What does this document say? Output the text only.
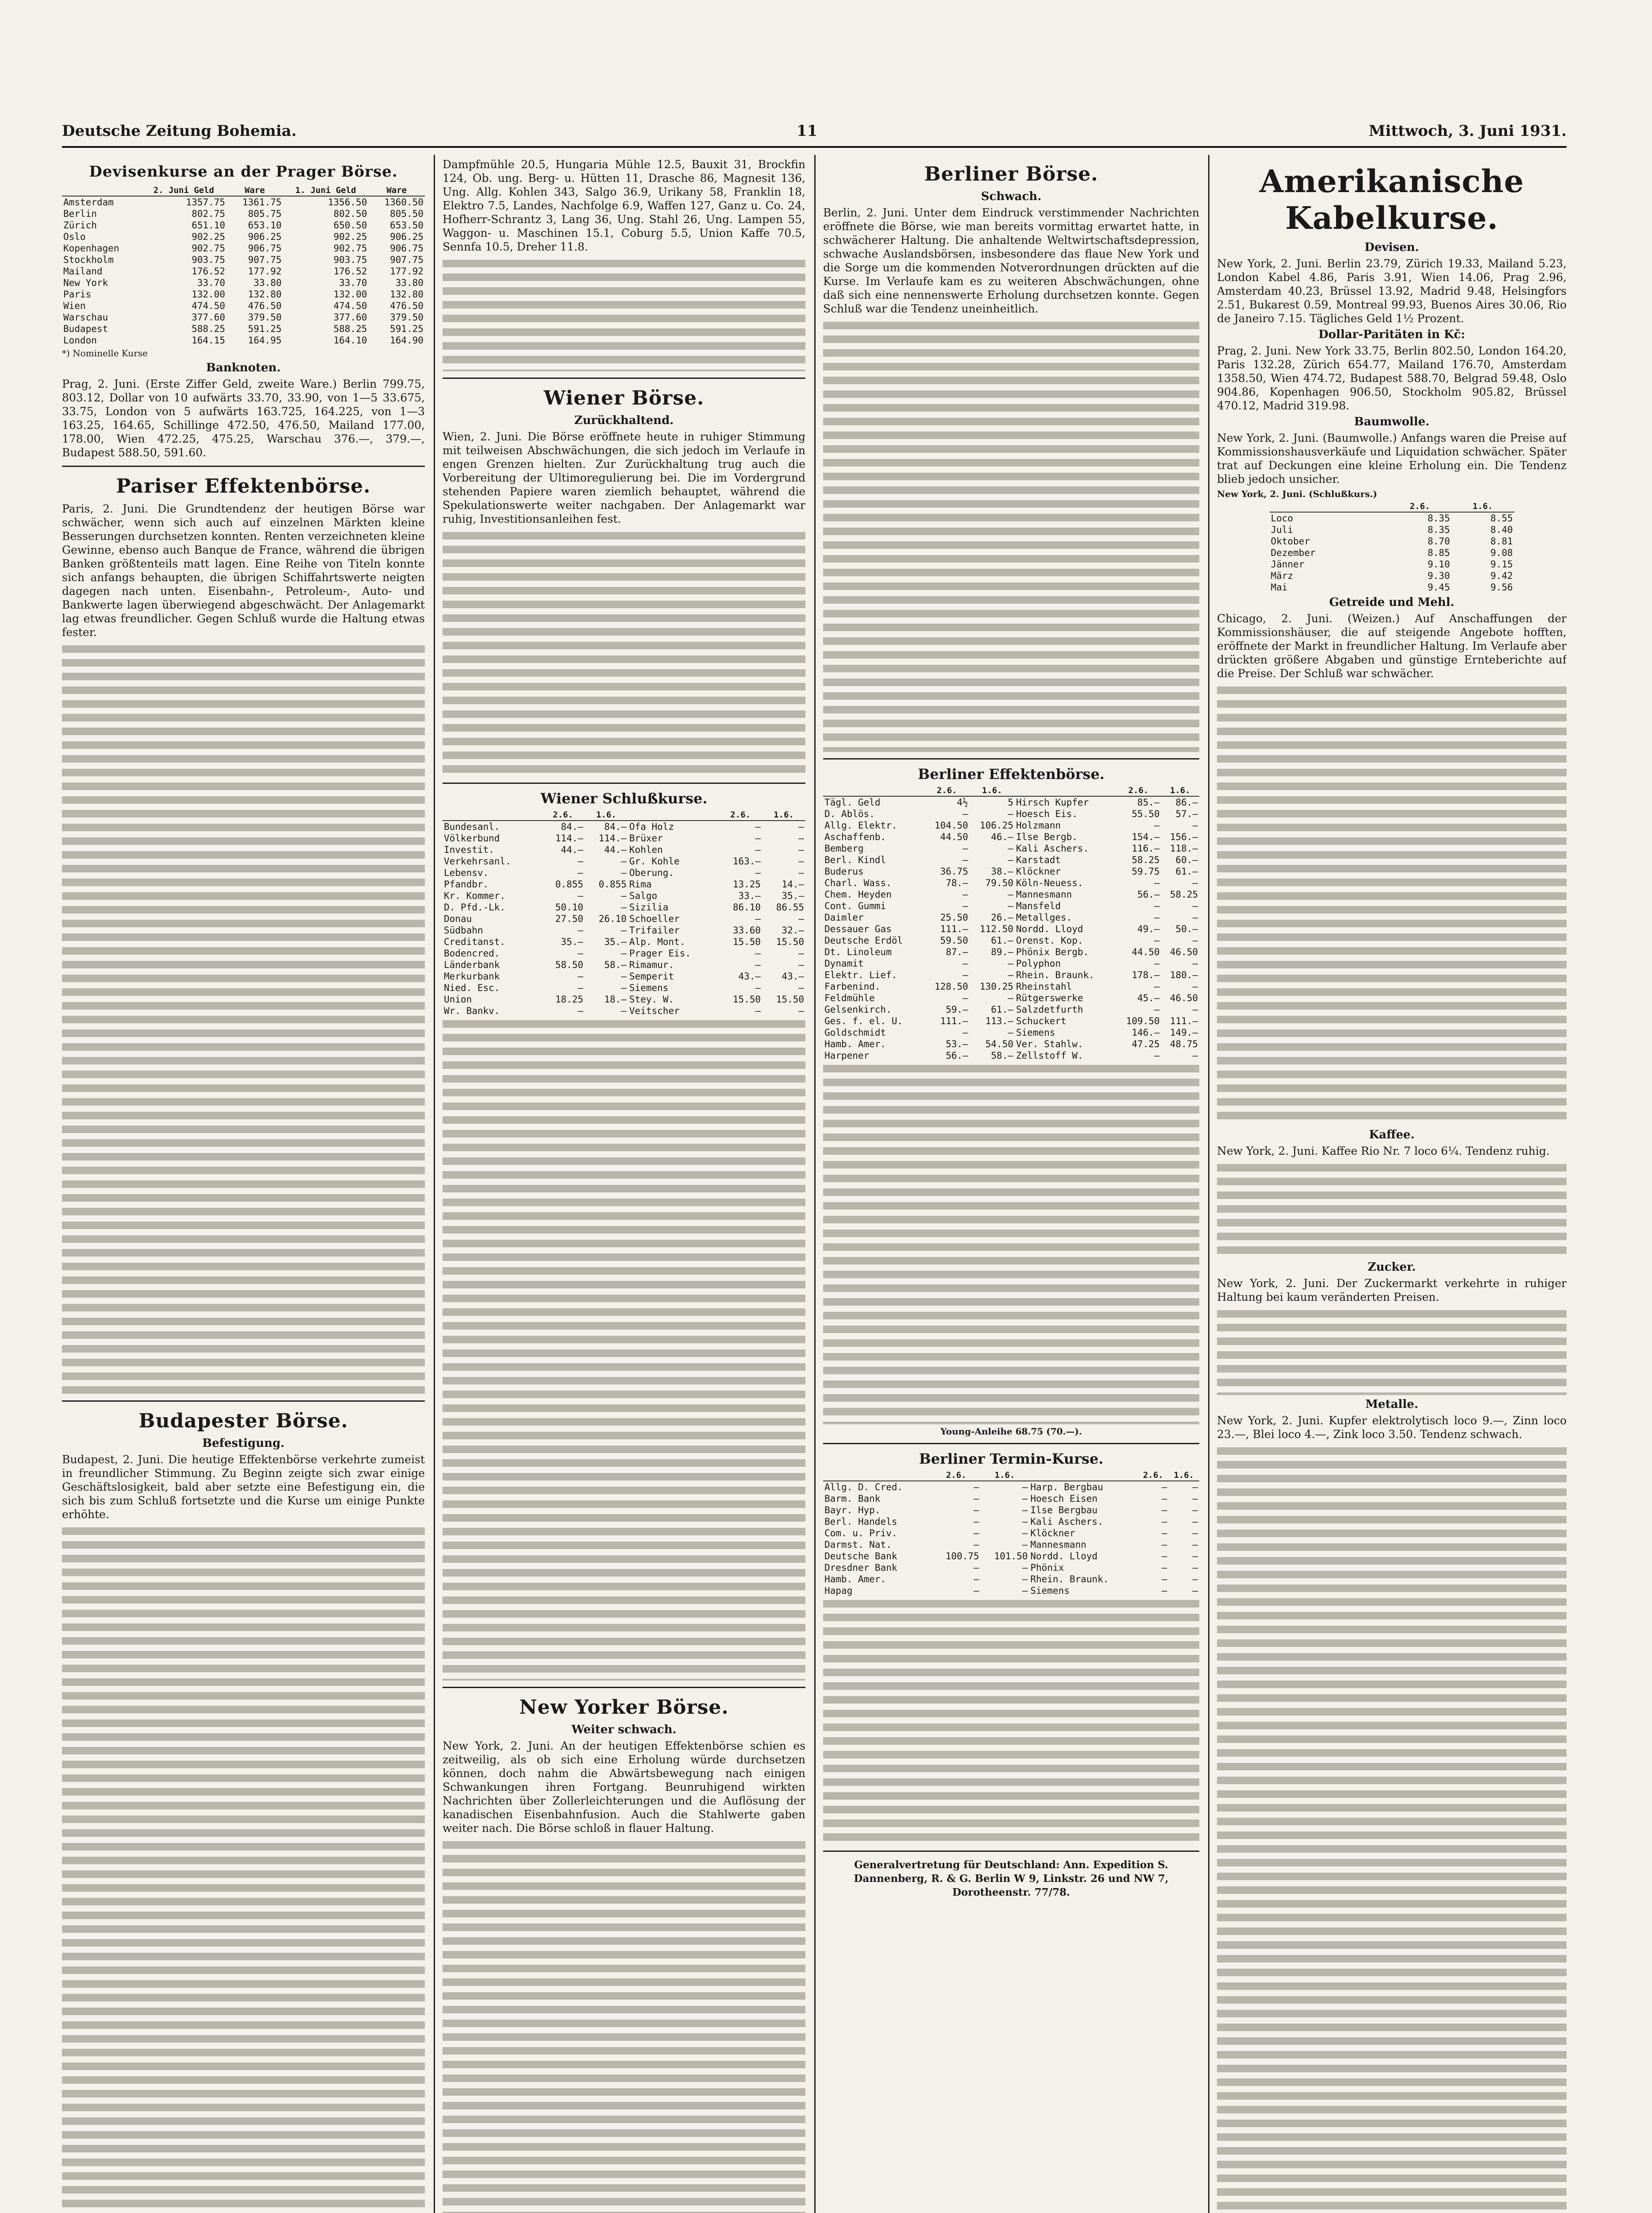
Deutsche Zeitung Bohemia.	11	Mittwoch, 3. Juni 1931.
Devisenkurse an der Prager Börse.
	2. Juni Geld	Ware	1. Juni Geld	Ware
Amsterdam	1357.75	1361.75	1356.50	1360.50
Berlin	802.75	805.75	802.50	805.50
Zürich	651.10	653.10	650.50	653.50
Oslo	902.25	906.25	902.25	906.25
Kopenhagen	902.75	906.75	902.75	906.75
Stockholm	903.75	907.75	903.75	907.75
Mailand	176.52	177.92	176.52	177.92
New York	33.70	33.80	33.70	33.80
Paris	132.00	132.80	132.00	132.80
Wien	474.50	476.50	474.50	476.50
Warschau	377.60	379.50	377.60	379.50
Budapest	588.25	591.25	588.25	591.25
London	164.15	164.95	164.10	164.90
*) Nominelle Kurse
Banknoten.

Prag, 2. Juni. (Erste Ziffer Geld, zweite Ware.) Berlin 799.75, 803.12, Dollar von 10 aufwärts 33.70, 33.90, von 1—5 33.675, 33.75, London von 5 aufwärts 163.725, 164.225, von 1—3 163.25, 164.65, Schillinge 472.50, 476.50, Mailand 177.00, 178.00, Wien 472.25, 475.25, Warschau 376.—, 379.—, Budapest 588.50, 591.60.

Pariser Effektenbörse.

Paris, 2. Juni. Die Grundtendenz der heutigen Börse war schwächer, wenn sich auch auf einzelnen Märkten kleine Besserungen durchsetzen konnten. Renten verzeichneten kleine Gewinne, ebenso auch Banque de France, während die übrigen Banken größtenteils matt lagen. Eine Reihe von Titeln konnte sich anfangs behaupten, die übrigen Schiffahrtswerte neigten dagegen nach unten. Eisenbahn-, Petroleum-, Auto- und Bankwerte lagen überwiegend abgeschwächt. Der Anlagemarkt lag etwas freundlicher. Gegen Schluß wurde die Haltung etwas fester.

Budapester Börse.
Befestigung.

Budapest, 2. Juni. Die heutige Effektenbörse verkehrte zumeist in freundlicher Stimmung. Zu Beginn zeigte sich zwar einige Geschäftslosigkeit, bald aber setzte eine Befestigung ein, die sich bis zum Schluß fortsetzte und die Kurse um einige Punkte erhöhte.

Dampfmühle 20.5, Hungaria Mühle 12.5, Bauxit 31, Brockfin 124, Ob. ung. Berg- u. Hütten 11, Drasche 86, Magnesit 136, Ung. Allg. Kohlen 343, Salgo 36.9, Urikany 58, Franklin 18, Elektro 7.5, Landes, Nachfolge 6.9, Waffen 127, Ganz u. Co. 24, Hofherr-Schrantz 3, Lang 36, Ung. Stahl 26, Ung. Lampen 55, Waggon- u. Maschinen 15.1, Coburg 5.5, Union Kaffe 70.5, Sennfa 10.5, Dreher 11.8.

Wiener Börse.
Zurückhaltend.

Wien, 2. Juni. Die Börse eröffnete heute in ruhiger Stimmung mit teilweisen Abschwächungen, die sich jedoch im Verlaufe in engen Grenzen hielten. Zur Zurückhaltung trug auch die Vorbereitung der Ultimoregulierung bei. Die im Vordergrund stehenden Papiere waren ziemlich behauptet, während die Spekulationswerte weiter nachgaben. Der Anlagemarkt war ruhig, Investitionsanleihen fest.

Wiener Schlußkurse.
	2.6.	1.6.		2.6.	1.6.
Bundesanl.	84.—	84.—	Ofa Holz	—	—
Völkerbund	114.—	114.—	Brüxer	—	—
Investit.	44.—	44.—	Kohlen	—	—
Verkehrsanl.	—	—	Gr. Kohle	163.—	—
Lebensv.	—	—	Oberung.	—	—
Pfandbr.	0.855	0.855	Rima	13.25	14.—
Kr. Kommer.	—	—	Salgo	33.—	35.—
D. Pfd.-Lk.	50.10	—	Sizilia	86.10	86.55
Donau	27.50	26.10	Schoeller	—	—
Südbahn	—	—	Trifailer	33.60	32.—
Creditanst.	35.—	35.—	Alp. Mont.	15.50	15.50
Bodencred.	—	—	Prager Eis.	—	—
Länderbank	58.50	58.—	Rimamur.	—	—
Merkurbank	—	—	Semperit	43.—	43.—
Nied. Esc.	—	—	Siemens	—	—
Union	18.25	18.—	Stey. W.	15.50	15.50
Wr. Bankv.	—	—	Veitscher	—	—
New Yorker Börse.
Weiter schwach.

New York, 2. Juni. An der heutigen Effektenbörse schien es zeitweilig, als ob sich eine Erholung würde durchsetzen können, doch nahm die Abwärtsbewegung nach einigen Schwankungen ihren Fortgang. Beunruhigend wirkten Nachrichten über Zollerleichterungen und die Auflösung der kanadischen Eisenbahnfusion. Auch die Stahlwerte gaben weiter nach. Die Börse schloß in flauer Haltung.

Berliner Börse.
Schwach.

Berlin, 2. Juni. Unter dem Eindruck verstimmender Nachrichten eröffnete die Börse, wie man bereits vormittag erwartet hatte, in schwächerer Haltung. Die anhaltende Weltwirtschaftsdepression, schwache Auslandsbörsen, insbesondere das flaue New York und die Sorge um die kommenden Notverordnungen drückten auf die Kurse. Im Verlaufe kam es zu weiteren Abschwächungen, ohne daß sich eine nennenswerte Erholung durchsetzen konnte. Gegen Schluß war die Tendenz uneinheitlich.

Berliner Effektenbörse.
	2.6.	1.6.		2.6.	1.6.
Tägl. Geld	4½	5	Hirsch Kupfer	85.—	86.—
D. Ablös.	—	—	Hoesch Eis.	55.50	57.—
Allg. Elektr.	104.50	106.25	Holzmann	—	—
Aschaffenb.	44.50	46.—	Ilse Bergb.	154.—	156.—
Bemberg	—	—	Kali Aschers.	116.—	118.—
Berl. Kindl	—	—	Karstadt	58.25	60.—
Buderus	36.75	38.—	Klöckner	59.75	61.—
Charl. Wass.	78.—	79.50	Köln-Neuess.	—	—
Chem. Heyden	—	—	Mannesmann	56.—	58.25
Cont. Gummi	—	—	Mansfeld	—	—
Daimler	25.50	26.—	Metallges.	—	—
Dessauer Gas	111.—	112.50	Nordd. Lloyd	49.—	50.—
Deutsche Erdöl	59.50	61.—	Orenst. Kop.	—	—
Dt. Linoleum	87.—	89.—	Phönix Bergb.	44.50	46.50
Dynamit	—	—	Polyphon	—	—
Elektr. Lief.	—	—	Rhein. Braunk.	178.—	180.—
Farbenind.	128.50	130.25	Rheinstahl	—	—
Feldmühle	—	—	Rütgerswerke	45.—	46.50
Gelsenkirch.	59.—	61.—	Salzdetfurth	—	—
Ges. f. el. U.	111.—	113.—	Schuckert	109.50	111.—
Goldschmidt	—	—	Siemens	146.—	149.—
Hamb. Amer.	53.—	54.50	Ver. Stahlw.	47.25	48.75
Harpener	56.—	58.—	Zellstoff W.	—	—
Young-Anleihe 68.75 (70.—).
Berliner Termin-Kurse.
	2.6.	1.6.		2.6.	1.6.
Allg. D. Cred.	—	—	Harp. Bergbau	—	—
Barm. Bank	—	—	Hoesch Eisen	—	—
Bayr. Hyp.	—	—	Ilse Bergbau	—	—
Berl. Handels	—	—	Kali Aschers.	—	—
Com. u. Priv.	—	—	Klöckner	—	—
Darmst. Nat.	—	—	Mannesmann	—	—
Deutsche Bank	100.75	101.50	Nordd. Lloyd	—	—
Dresdner Bank	—	—	Phönix	—	—
Hamb. Amer.	—	—	Rhein. Braunk.	—	—
Hapag	—	—	Siemens	—	—

Generalvertretung für Deutschland: Ann. Expedition S. Dannenberg, R. & G. Berlin W 9, Linkstr. 26 und NW 7, Dorotheenstr. 77/78.

Amerikanische Kabelkurse.
Devisen.

New York, 2. Juni. Berlin 23.79, Zürich 19.33, Mailand 5.23, London Kabel 4.86, Paris 3.91, Wien 14.06, Prag 2.96, Amsterdam 40.23, Brüssel 13.92, Madrid 9.48, Helsingfors 2.51, Bukarest 0.59, Montreal 99.93, Buenos Aires 30.06, Rio de Janeiro 7.15. Tägliches Geld 1½ Prozent.

Dollar-Paritäten in Kč:

Prag, 2. Juni. New York 33.75, Berlin 802.50, London 164.20, Paris 132.28, Zürich 654.77, Mailand 176.70, Amsterdam 1358.50, Wien 474.72, Budapest 588.70, Belgrad 59.48, Oslo 904.86, Kopenhagen 906.50, Stockholm 905.82, Brüssel 470.12, Madrid 319.98.

Baumwolle.

New York, 2. Juni. (Baumwolle.) Anfangs waren die Preise auf Kommissionshausverkäufe und Liquidation schwächer. Später trat auf Deckungen eine kleine Erholung ein. Die Tendenz blieb jedoch unsicher.

New York, 2. Juni. (Schlußkurs.)
	2.6.	1.6.
Loco	8.35	8.55
Juli	8.35	8.40
Oktober	8.70	8.81
Dezember	8.85	9.08
Jänner	9.10	9.15
März	9.30	9.42
Mai	9.45	9.56
Getreide und Mehl.

Chicago, 2. Juni. (Weizen.) Auf Anschaffungen der Kommissionshäuser, die auf steigende Angebote hofften, eröffnete der Markt in freundlicher Haltung. Im Verlaufe aber drückten größere Abgaben und günstige Ernteberichte auf die Preise. Der Schluß war schwächer.

Kaffee.

New York, 2. Juni. Kaffee Rio Nr. 7 loco 6¼. Tendenz ruhig.

Zucker.

New York, 2. Juni. Der Zuckermarkt verkehrte in ruhiger Haltung bei kaum veränderten Preisen.

Metalle.

New York, 2. Juni. Kupfer elektrolytisch loco 9.—, Zinn loco 23.—, Blei loco 4.—, Zink loco 3.50. Tendenz schwach.
